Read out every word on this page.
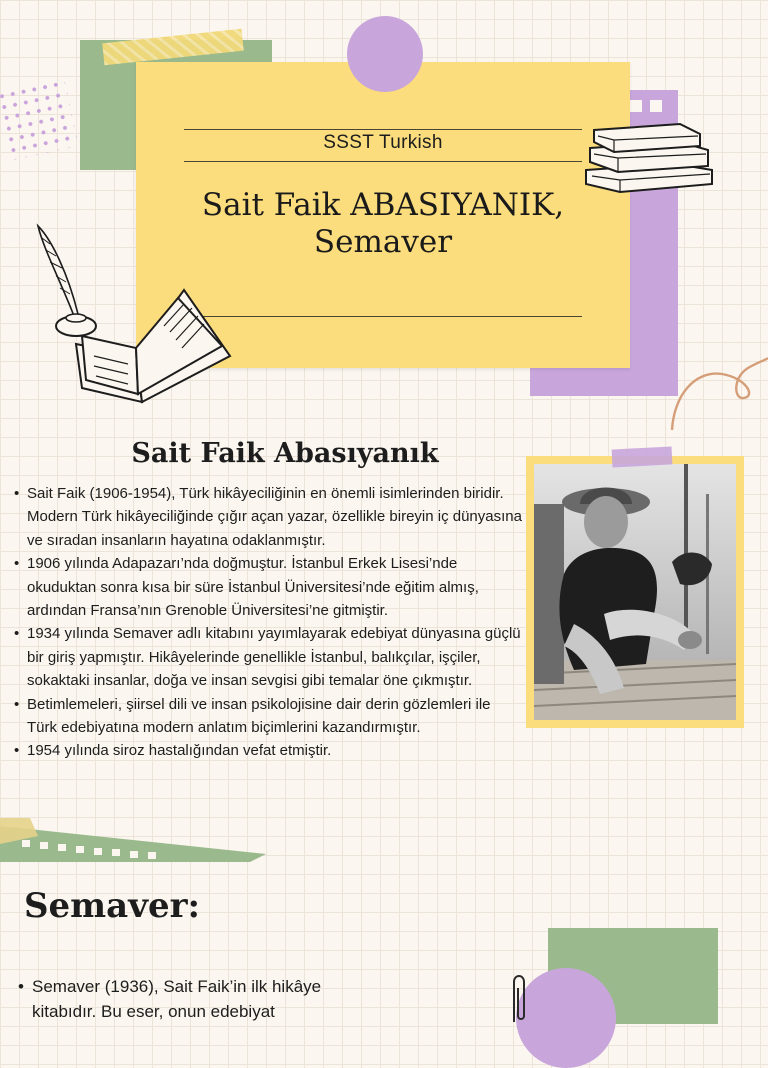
SSST Turkish
Sait Faik ABASIYANIK,
Semaver
Sait Faik Abasıyanık
• Sait Faik (1906-1954), Türk hikâyeciliğinin en önemli isimlerinden biridir. Modern Türk hikâyeciliğinde çığır açan yazar, özellikle bireyin iç dünyasına ve sıradan insanların hayatına odaklanmıştır.
• 1906 yılında Adapazarı’nda doğmuştur. İstanbul Erkek Lisesi’nde okuduktan sonra kısa bir süre İstanbul Üniversitesi’nde eğitim almış, ardından Fransa’nın Grenoble Üniversitesi’ne gitmiştir.
• 1934 yılında Semaver adlı kitabını yayımlayarak edebiyat dünyasına güçlü bir giriş yapmıştır. Hikâyelerinde genellikle İstanbul, balıkçılar, işçiler, sokaktaki insanlar, doğa ve insan sevgisi gibi temalar öne çıkmıştır.
• Betimlemeleri, şiirsel dili ve insan psikolojisine dair derin gözlemleri ile Türk edebiyatına modern anlatım biçimlerini kazandırmıştır.
• 1954 yılında siroz hastalığından vefat etmiştir.
Semaver:
• Semaver (1936), Sait Faik’in ilk hikâye kitabıdır. Bu eser, onun edebiyat
